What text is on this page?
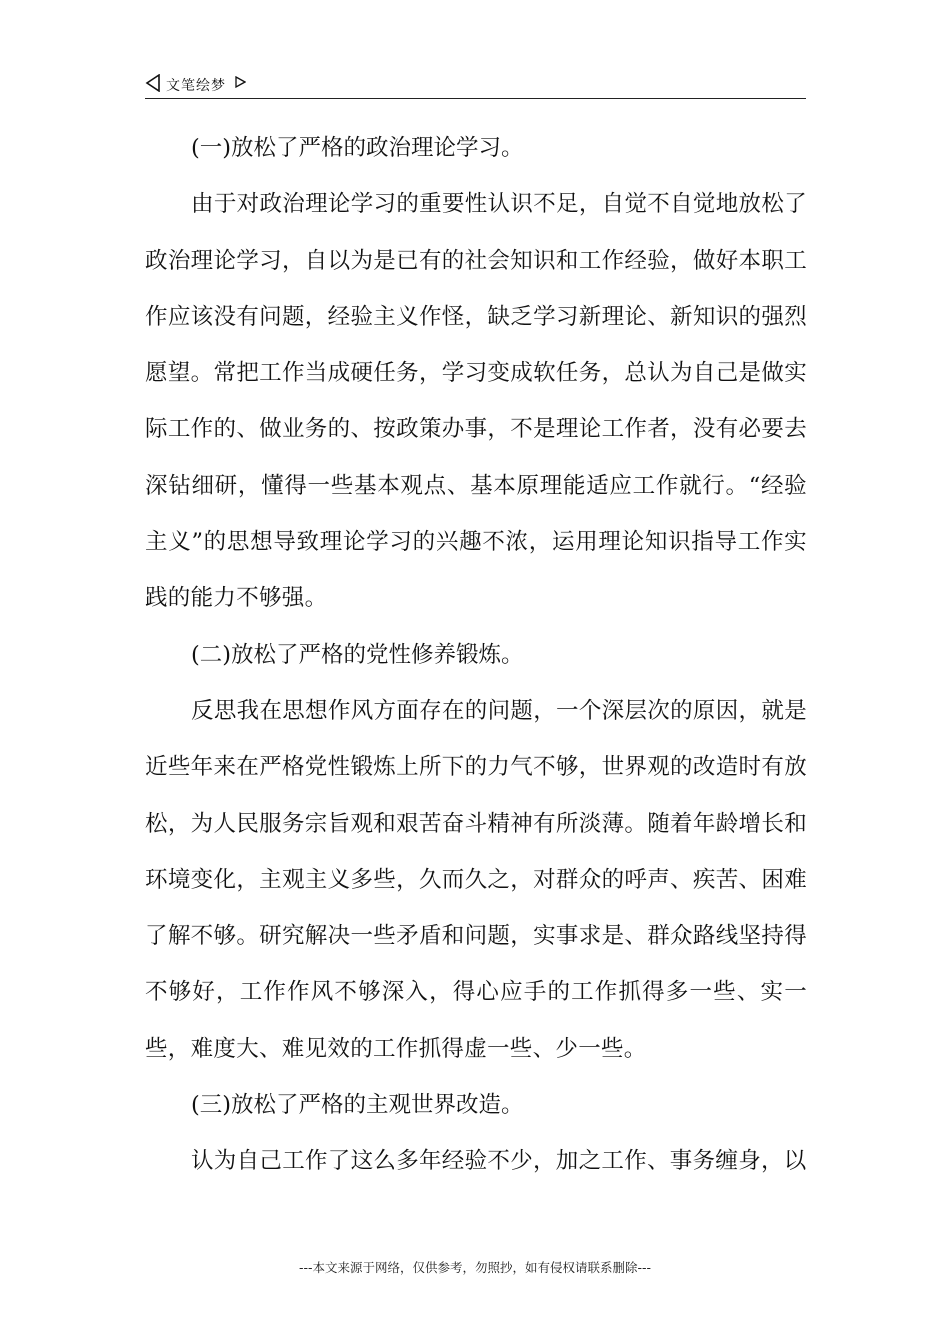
文笔绘梦

(一)放松了严格的政治理论学习。

由于对政治理论学习的重要性认识不足，自觉不自觉地放松了政治理论学习，自以为是已有的社会知识和工作经验，做好本职工作应该没有问题，经验主义作怪，缺乏学习新理论、新知识的强烈愿望。常把工作当成硬任务，学习变成软任务，总认为自己是做实际工作的、做业务的、按政策办事，不是理论工作者，没有必要去深钻细研，懂得一些基本观点、基本原理能适应工作就行。“经验主义”的思想导致理论学习的兴趣不浓，运用理论知识指导工作实践的能力不够强。

(二)放松了严格的党性修养锻炼。

反思我在思想作风方面存在的问题，一个深层次的原因，就是近些年来在严格党性锻炼上所下的力气不够，世界观的改造时有放松，为人民服务宗旨观和艰苦奋斗精神有所淡薄。随着年龄增长和环境变化，主观主义多些，久而久之，对群众的呼声、疾苦、困难了解不够。研究解决一些矛盾和问题，实事求是、群众路线坚持得不够好，工作作风不够深入，得心应手的工作抓得多一些、实一些，难度大、难见效的工作抓得虚一些、少一些。

(三)放松了严格的主观世界改造。

认为自己工作了这么多年经验不少，加之工作、事务缠身，以

---本文来源于网络，仅供参考，勿照抄，如有侵权请联系删除---
